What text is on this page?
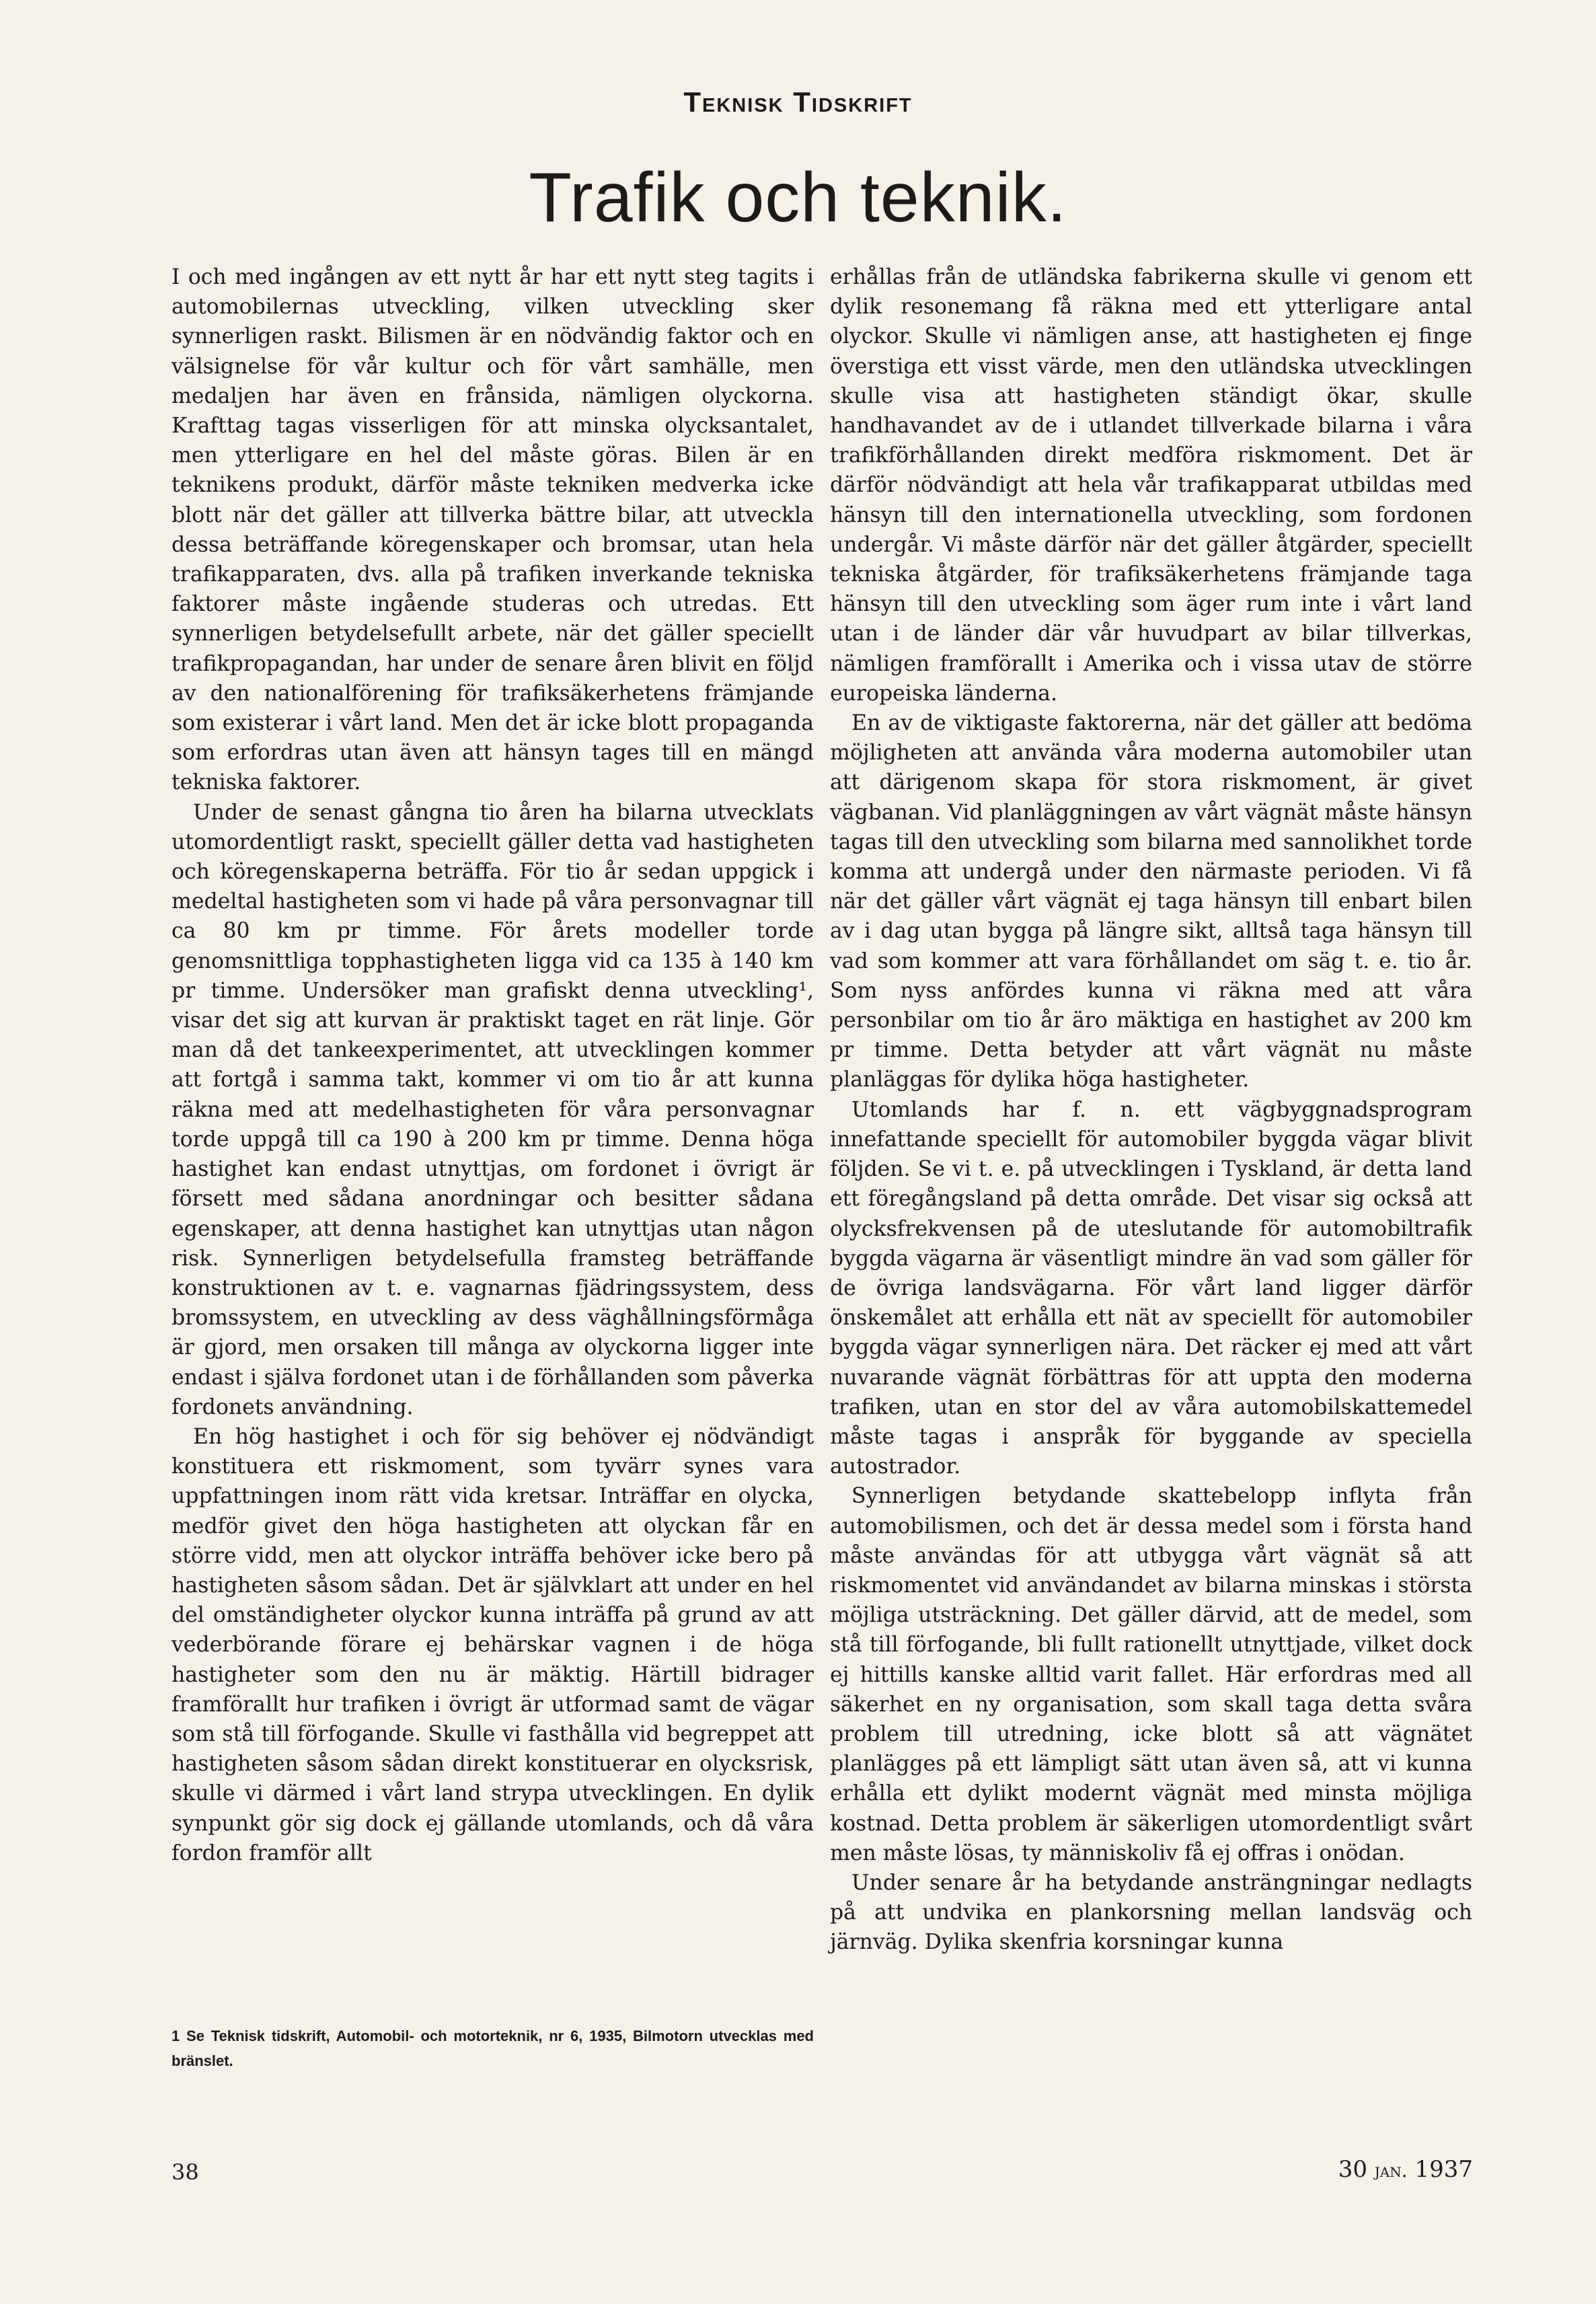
Teknisk Tidskrift
Trafik och teknik.

I och med ingången av ett nytt år har ett nytt steg tagits i automobilernas utveckling, vilken utveckling sker synnerligen raskt. Bilismen är en nödvändig faktor och en välsignelse för vår kultur och för vårt samhälle, men medaljen har även en frånsida, nämligen olyckorna. Krafttag tagas visserligen för att minska olycksantalet, men ytterligare en hel del måste göras. Bilen är en teknikens produkt, därför måste tekniken medverka icke blott när det gäller att tillverka bättre bilar, att utveckla dessa beträffande köregenskaper och bromsar, utan hela trafikapparaten, dvs. alla på trafiken inverkande tekniska faktorer måste ingående studeras och utredas. Ett synnerligen betydelsefullt arbete, när det gäller speciellt trafikpropagandan, har under de senare åren blivit en följd av den nationalförening för trafiksäkerhetens främjande som existerar i vårt land. Men det är icke blott propaganda som erfordras utan även att hänsyn tages till en mängd tekniska faktorer.

Under de senast gångna tio åren ha bilarna utvecklats utomordentligt raskt, speciellt gäller detta vad hastigheten och köregenskaperna beträffa. För tio år sedan uppgick i medeltal hastigheten som vi hade på våra personvagnar till ca 80 km pr timme. För årets modeller torde genomsnittliga topphastigheten ligga vid ca 135 à 140 km pr timme. Undersöker man grafiskt denna utveckling¹, visar det sig att kurvan är praktiskt taget en rät linje. Gör man då det tankeexperimentet, att utvecklingen kommer att fortgå i samma takt, kommer vi om tio år att kunna räkna med att medelhastigheten för våra personvagnar torde uppgå till ca 190 à 200 km pr timme. Denna höga hastighet kan endast utnyttjas, om fordonet i övrigt är försett med sådana anordningar och besitter sådana egenskaper, att denna hastighet kan utnyttjas utan någon risk. Synnerligen betydelsefulla framsteg beträffande konstruktionen av t. e. vagnarnas fjädringssystem, dess bromssystem, en utveckling av dess väghållningsförmåga är gjord, men orsaken till många av olyckorna ligger inte endast i själva fordonet utan i de förhållanden som påverka fordonets användning.

En hög hastighet i och för sig behöver ej nödvändigt konstituera ett riskmoment, som tyvärr synes vara uppfattningen inom rätt vida kretsar. Inträffar en olycka, medför givet den höga hastigheten att olyckan får en större vidd, men att olyckor inträffa behöver icke bero på hastigheten såsom sådan. Det är självklart att under en hel del omständigheter olyckor kunna inträffa på grund av att vederbörande förare ej behärskar vagnen i de höga hastigheter som den nu är mäktig. Härtill bidrager framförallt hur trafiken i övrigt är utformad samt de vägar som stå till förfogande. Skulle vi fasthålla vid begreppet att hastigheten såsom sådan direkt konstituerar en olycksrisk, skulle vi därmed i vårt land strypa utvecklingen. En dylik synpunkt gör sig dock ej gällande utomlands, och då våra fordon framför allt

erhållas från de utländska fabrikerna skulle vi genom ett dylik resonemang få räkna med ett ytterligare antal olyckor. Skulle vi nämligen anse, att hastigheten ej finge överstiga ett visst värde, men den utländska utvecklingen skulle visa att hastigheten ständigt ökar, skulle handhavandet av de i utlandet tillverkade bilarna i våra trafikförhållanden direkt medföra riskmoment. Det är därför nödvändigt att hela vår trafikapparat utbildas med hänsyn till den internationella utveckling, som fordonen undergår. Vi måste därför när det gäller åtgärder, speciellt tekniska åtgärder, för trafiksäkerhetens främjande taga hänsyn till den utveckling som äger rum inte i vårt land utan i de länder där vår huvudpart av bilar tillverkas, nämligen framförallt i Amerika och i vissa utav de större europeiska länderna.

En av de viktigaste faktorerna, när det gäller att bedöma möjligheten att använda våra moderna automobiler utan att därigenom skapa för stora riskmoment, är givet vägbanan. Vid planläggningen av vårt vägnät måste hänsyn tagas till den utveckling som bilarna med sannolikhet torde komma att undergå under den närmaste perioden. Vi få när det gäller vårt vägnät ej taga hänsyn till enbart bilen av i dag utan bygga på längre sikt, alltså taga hänsyn till vad som kommer att vara förhållandet om säg t. e. tio år. Som nyss anfördes kunna vi räkna med att våra personbilar om tio år äro mäktiga en hastighet av 200 km pr timme. Detta betyder att vårt vägnät nu måste planläggas för dylika höga hastigheter.

Utomlands har f. n. ett vägbyggnadsprogram innefattande speciellt för automobiler byggda vägar blivit följden. Se vi t. e. på utvecklingen i Tyskland, är detta land ett föregångsland på detta område. Det visar sig också att olycksfrekvensen på de uteslutande för automobiltrafik byggda vägarna är väsentligt mindre än vad som gäller för de övriga landsvägarna. För vårt land ligger därför önskemålet att erhålla ett nät av speciellt för automobiler byggda vägar synnerligen nära. Det räcker ej med att vårt nuvarande vägnät förbättras för att uppta den moderna trafiken, utan en stor del av våra automobilskattemedel måste tagas i anspråk för byggande av speciella autostrador.

Synnerligen betydande skattebelopp inflyta från automobilismen, och det är dessa medel som i första hand måste användas för att utbygga vårt vägnät så att riskmomentet vid användandet av bilarna minskas i största möjliga utsträckning. Det gäller därvid, att de medel, som stå till förfogande, bli fullt rationellt utnyttjade, vilket dock ej hittills kanske alltid varit fallet. Här erfordras med all säkerhet en ny organisation, som skall taga detta svåra problem till utredning, icke blott så att vägnätet planlägges på ett lämpligt sätt utan även så, att vi kunna erhålla ett dylikt modernt vägnät med minsta möjliga kostnad. Detta problem är säkerligen utomordentligt svårt men måste lösas, ty människoliv få ej offras i onödan.

Under senare år ha betydande ansträngningar nedlagts på att undvika en plankorsning mellan landsväg och järnväg. Dylika skenfria korsningar kunna

1 Se Teknisk tidskrift, Automobil- och motorteknik, nr 6, 1935, Bilmotorn utvecklas med bränslet.
38	30 jan. 1937
